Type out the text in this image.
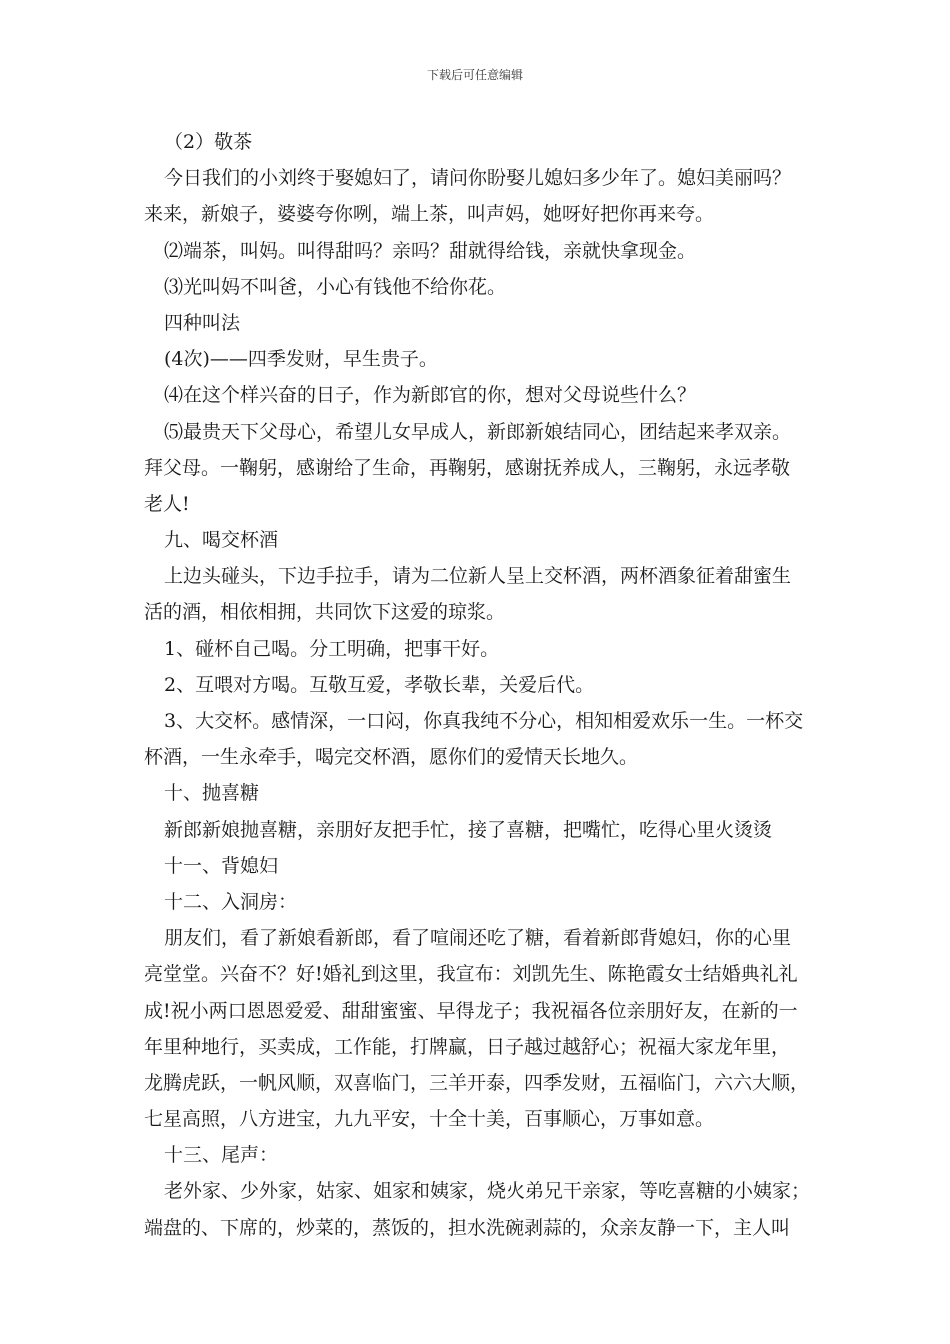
下载后可任意编辑
（2）敬茶
今日我们的小刘终于娶媳妇了，请问你盼娶儿媳妇多少年了。媳妇美丽吗？
来来，新娘子，婆婆夸你咧，端上茶，叫声妈，她呀好把你再来夸。
⑵端茶，叫妈。叫得甜吗？亲吗？甜就得给钱，亲就快拿现金。
⑶光叫妈不叫爸，小心有钱他不给你花。
四种叫法
(4次)——四季发财，早生贵子。
⑷在这个样兴奋的日子，作为新郎官的你，想对父母说些什么？
⑸最贵天下父母心，希望儿女早成人，新郎新娘结同心，团结起来孝双亲。
拜父母。一鞠躬，感谢给了生命，再鞠躬，感谢抚养成人，三鞠躬，永远孝敬
老人!
九、喝交杯酒
上边头碰头，下边手拉手，请为二位新人呈上交杯酒，两杯酒象征着甜蜜生
活的酒，相依相拥，共同饮下这爱的琼浆。
1、碰杯自己喝。分工明确，把事干好。
2、互喂对方喝。互敬互爱，孝敬长辈，关爱后代。
3、大交杯。感情深，一口闷，你真我纯不分心，相知相爱欢乐一生。一杯交
杯酒，一生永牵手，喝完交杯酒，愿你们的爱情天长地久。
十、抛喜糖
新郎新娘抛喜糖，亲朋好友把手忙，接了喜糖，把嘴忙，吃得心里火烫烫
十一、背媳妇
十二、入洞房：
朋友们，看了新娘看新郎，看了喧闹还吃了糖，看着新郎背媳妇，你的心里
亮堂堂。兴奋不？好!婚礼到这里，我宣布：刘凯先生、陈艳霞女士结婚典礼礼
成!祝小两口恩恩爱爱、甜甜蜜蜜、早得龙子；我祝福各位亲朋好友，在新的一
年里种地行，买卖成，工作能，打牌赢，日子越过越舒心；祝福大家龙年里，
龙腾虎跃，一帆风顺，双喜临门，三羊开泰，四季发财，五福临门，六六大顺，
七星高照，八方进宝，九九平安，十全十美，百事顺心，万事如意。
十三、尾声：
老外家、少外家，姑家、姐家和姨家，烧火弟兄干亲家，等吃喜糖的小姨家；
端盘的、下席的，炒菜的，蒸饭的，担水洗碗剥蒜的，众亲友静一下，主人叫
